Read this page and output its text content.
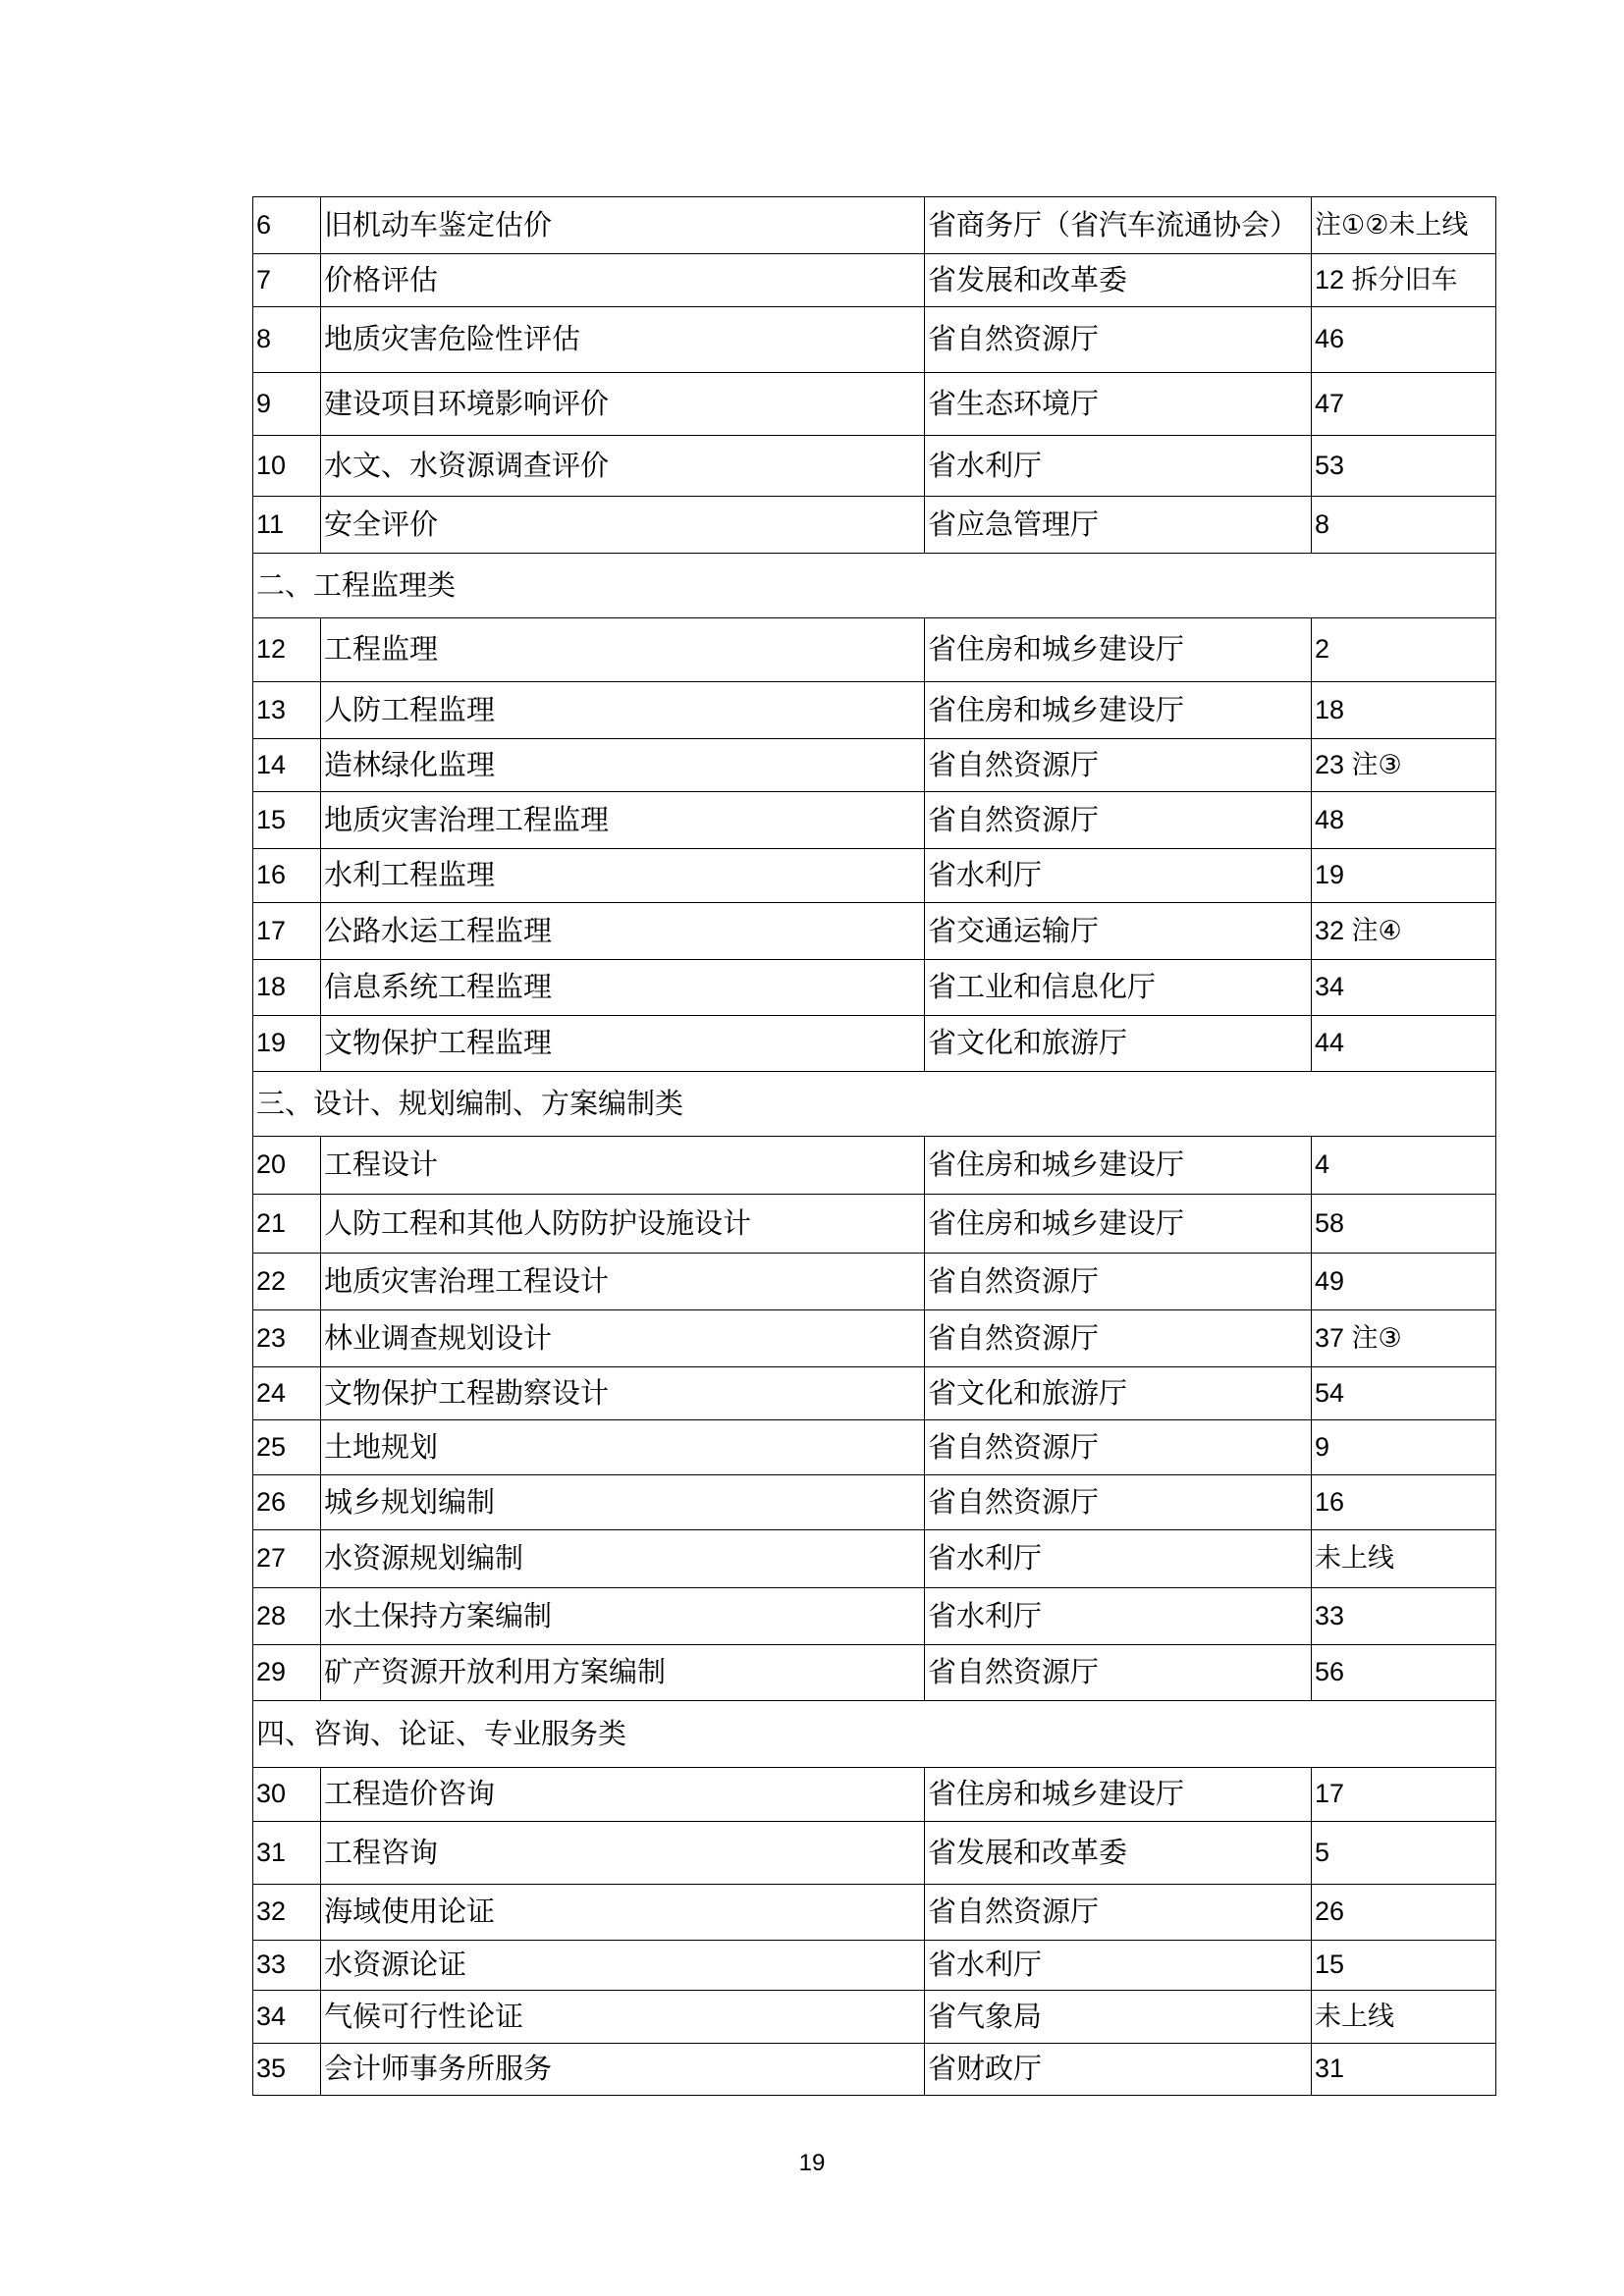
6	旧机动车鉴定估价	省商务厅（省汽车流通协会）	注①②未上线
7	价格评估	省发展和改革委	12 拆分旧车
8	地质灾害危险性评估	省自然资源厅	46
9	建设项目环境影响评价	省生态环境厅	47
10	水文、水资源调查评价	省水利厅	53
11	安全评价	省应急管理厅	8
二、工程监理类			
12	工程监理	省住房和城乡建设厅	2
13	人防工程监理	省住房和城乡建设厅	18
14	造林绿化监理	省自然资源厅	23 注③
15	地质灾害治理工程监理	省自然资源厅	48
16	水利工程监理	省水利厅	19
17	公路水运工程监理	省交通运输厅	32 注④
18	信息系统工程监理	省工业和信息化厅	34
19	文物保护工程监理	省文化和旅游厅	44
三、设计、规划编制、方案编制类			
20	工程设计	省住房和城乡建设厅	4
21	人防工程和其他人防防护设施设计	省住房和城乡建设厅	58
22	地质灾害治理工程设计	省自然资源厅	49
23	林业调查规划设计	省自然资源厅	37 注③
24	文物保护工程勘察设计	省文化和旅游厅	54
25	土地规划	省自然资源厅	9
26	城乡规划编制	省自然资源厅	16
27	水资源规划编制	省水利厅	未上线
28	水土保持方案编制	省水利厅	33
29	矿产资源开放利用方案编制	省自然资源厅	56
四、咨询、论证、专业服务类			
30	工程造价咨询	省住房和城乡建设厅	17
31	工程咨询	省发展和改革委	5
32	海域使用论证	省自然资源厅	26
33	水资源论证	省水利厅	15
34	气候可行性论证	省气象局	未上线
35	会计师事务所服务	省财政厅	31
19
